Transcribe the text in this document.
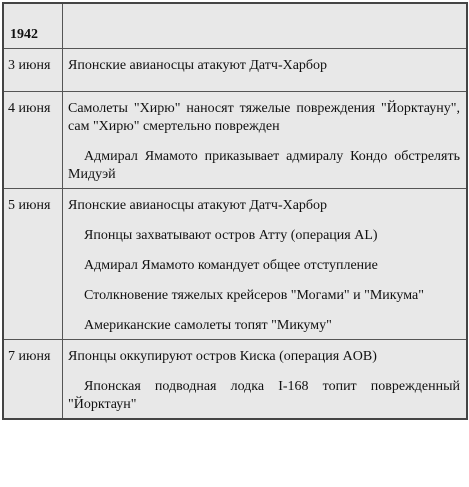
1942	

3 июня	Японские авианосцы атакуют Датч-Харбор

4 июня	Самолеты "Хирю" наносят тяжелые повреждения "Йорктауну", сам "Хирю" смертельно поврежден

Адмирал Ямамото приказывает адмиралу Кондо обстрелять Мидуэй

5 июня	Японские авианосцы атакуют Датч-Харбор

Японцы захватывают остров Атту (операция AL)

Адмирал Ямамото командует общее отступление

Столкновение тяжелых крейсеров "Могами" и "Микума"

Американские самолеты топят "Микуму"

7 июня	Японцы оккупируют остров Киска (операция AOB)

Японская подводная лодка I-168 топит поврежденный "Йорктаун"
